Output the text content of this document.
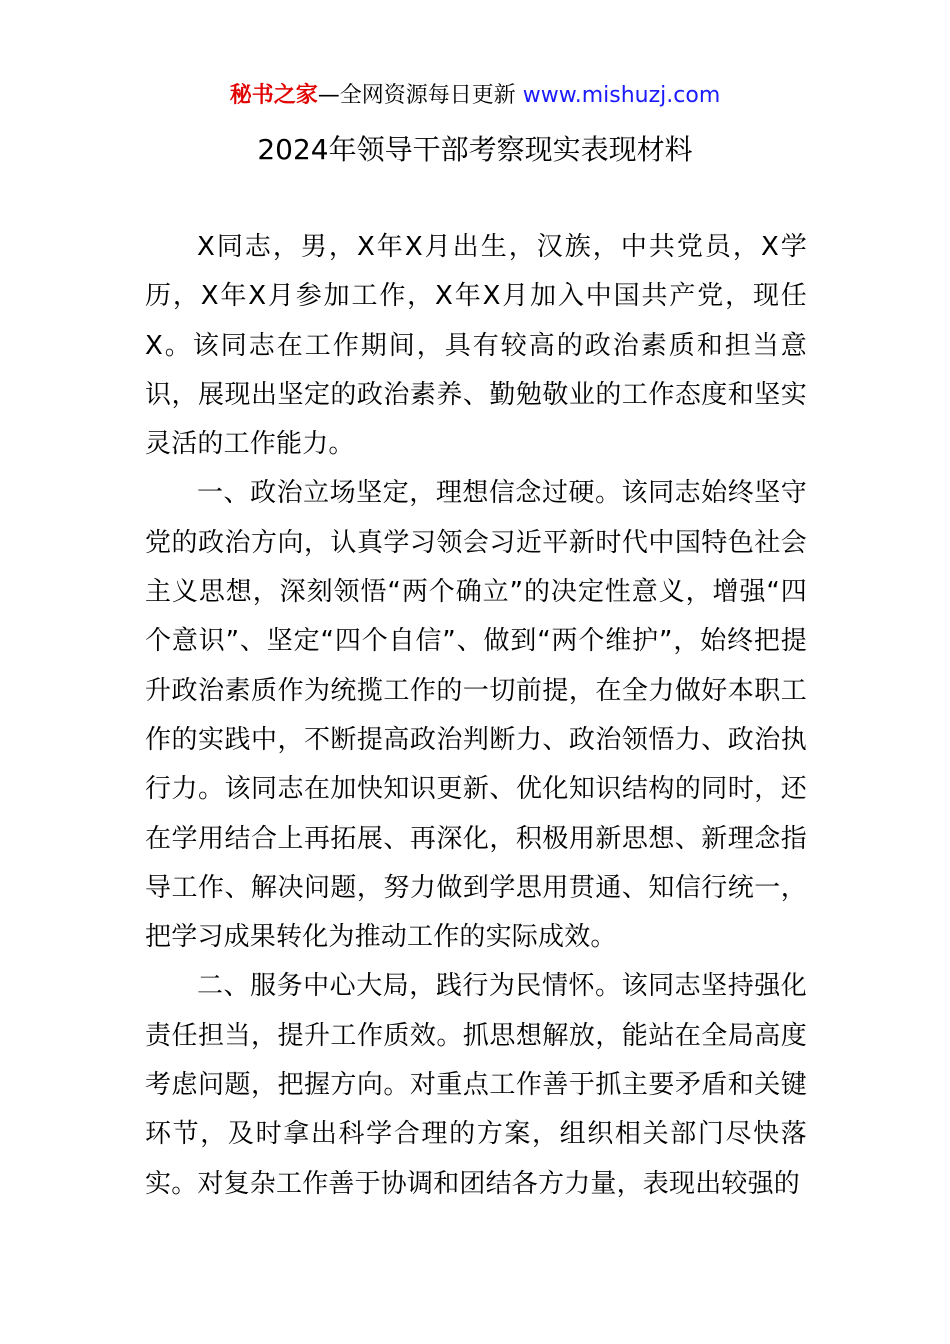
秘书之家—全网资源每日更新 www.mishuzj.com
2024年领导干部考察现实表现材料

X同志，男，X年X月出生，汉族，中共党员，X学历，X年X月参加工作，X年X月加入中国共产党，现任X。该同志在工作期间，具有较高的政治素质和担当意识，展现出坚定的政治素养、勤勉敬业的工作态度和坚实灵活的工作能力。

一、政治立场坚定，理想信念过硬。该同志始终坚守党的政治方向，认真学习领会习近平新时代中国特色社会主义思想，深刻领悟“两个确立”的决定性意义，增强“四个意识”、坚定“四个自信”、做到“两个维护”，始终把提升政治素质作为统揽工作的一切前提，在全力做好本职工作的实践中，不断提高政治判断力、政治领悟力、政治执行力。该同志在加快知识更新、优化知识结构的同时，还在学用结合上再拓展、再深化，积极用新思想、新理念指导工作、解决问题，努力做到学思用贯通、知信行统一，把学习成果转化为推动工作的实际成效。

二、服务中心大局，践行为民情怀。该同志坚持强化责任担当，提升工作质效。抓思想解放，能站在全局高度考虑问题，把握方向。对重点工作善于抓主要矛盾和关键环节，及时拿出科学合理的方案，组织相关部门尽快落实。对复杂工作善于协调和团结各方力量，表现出较强的
